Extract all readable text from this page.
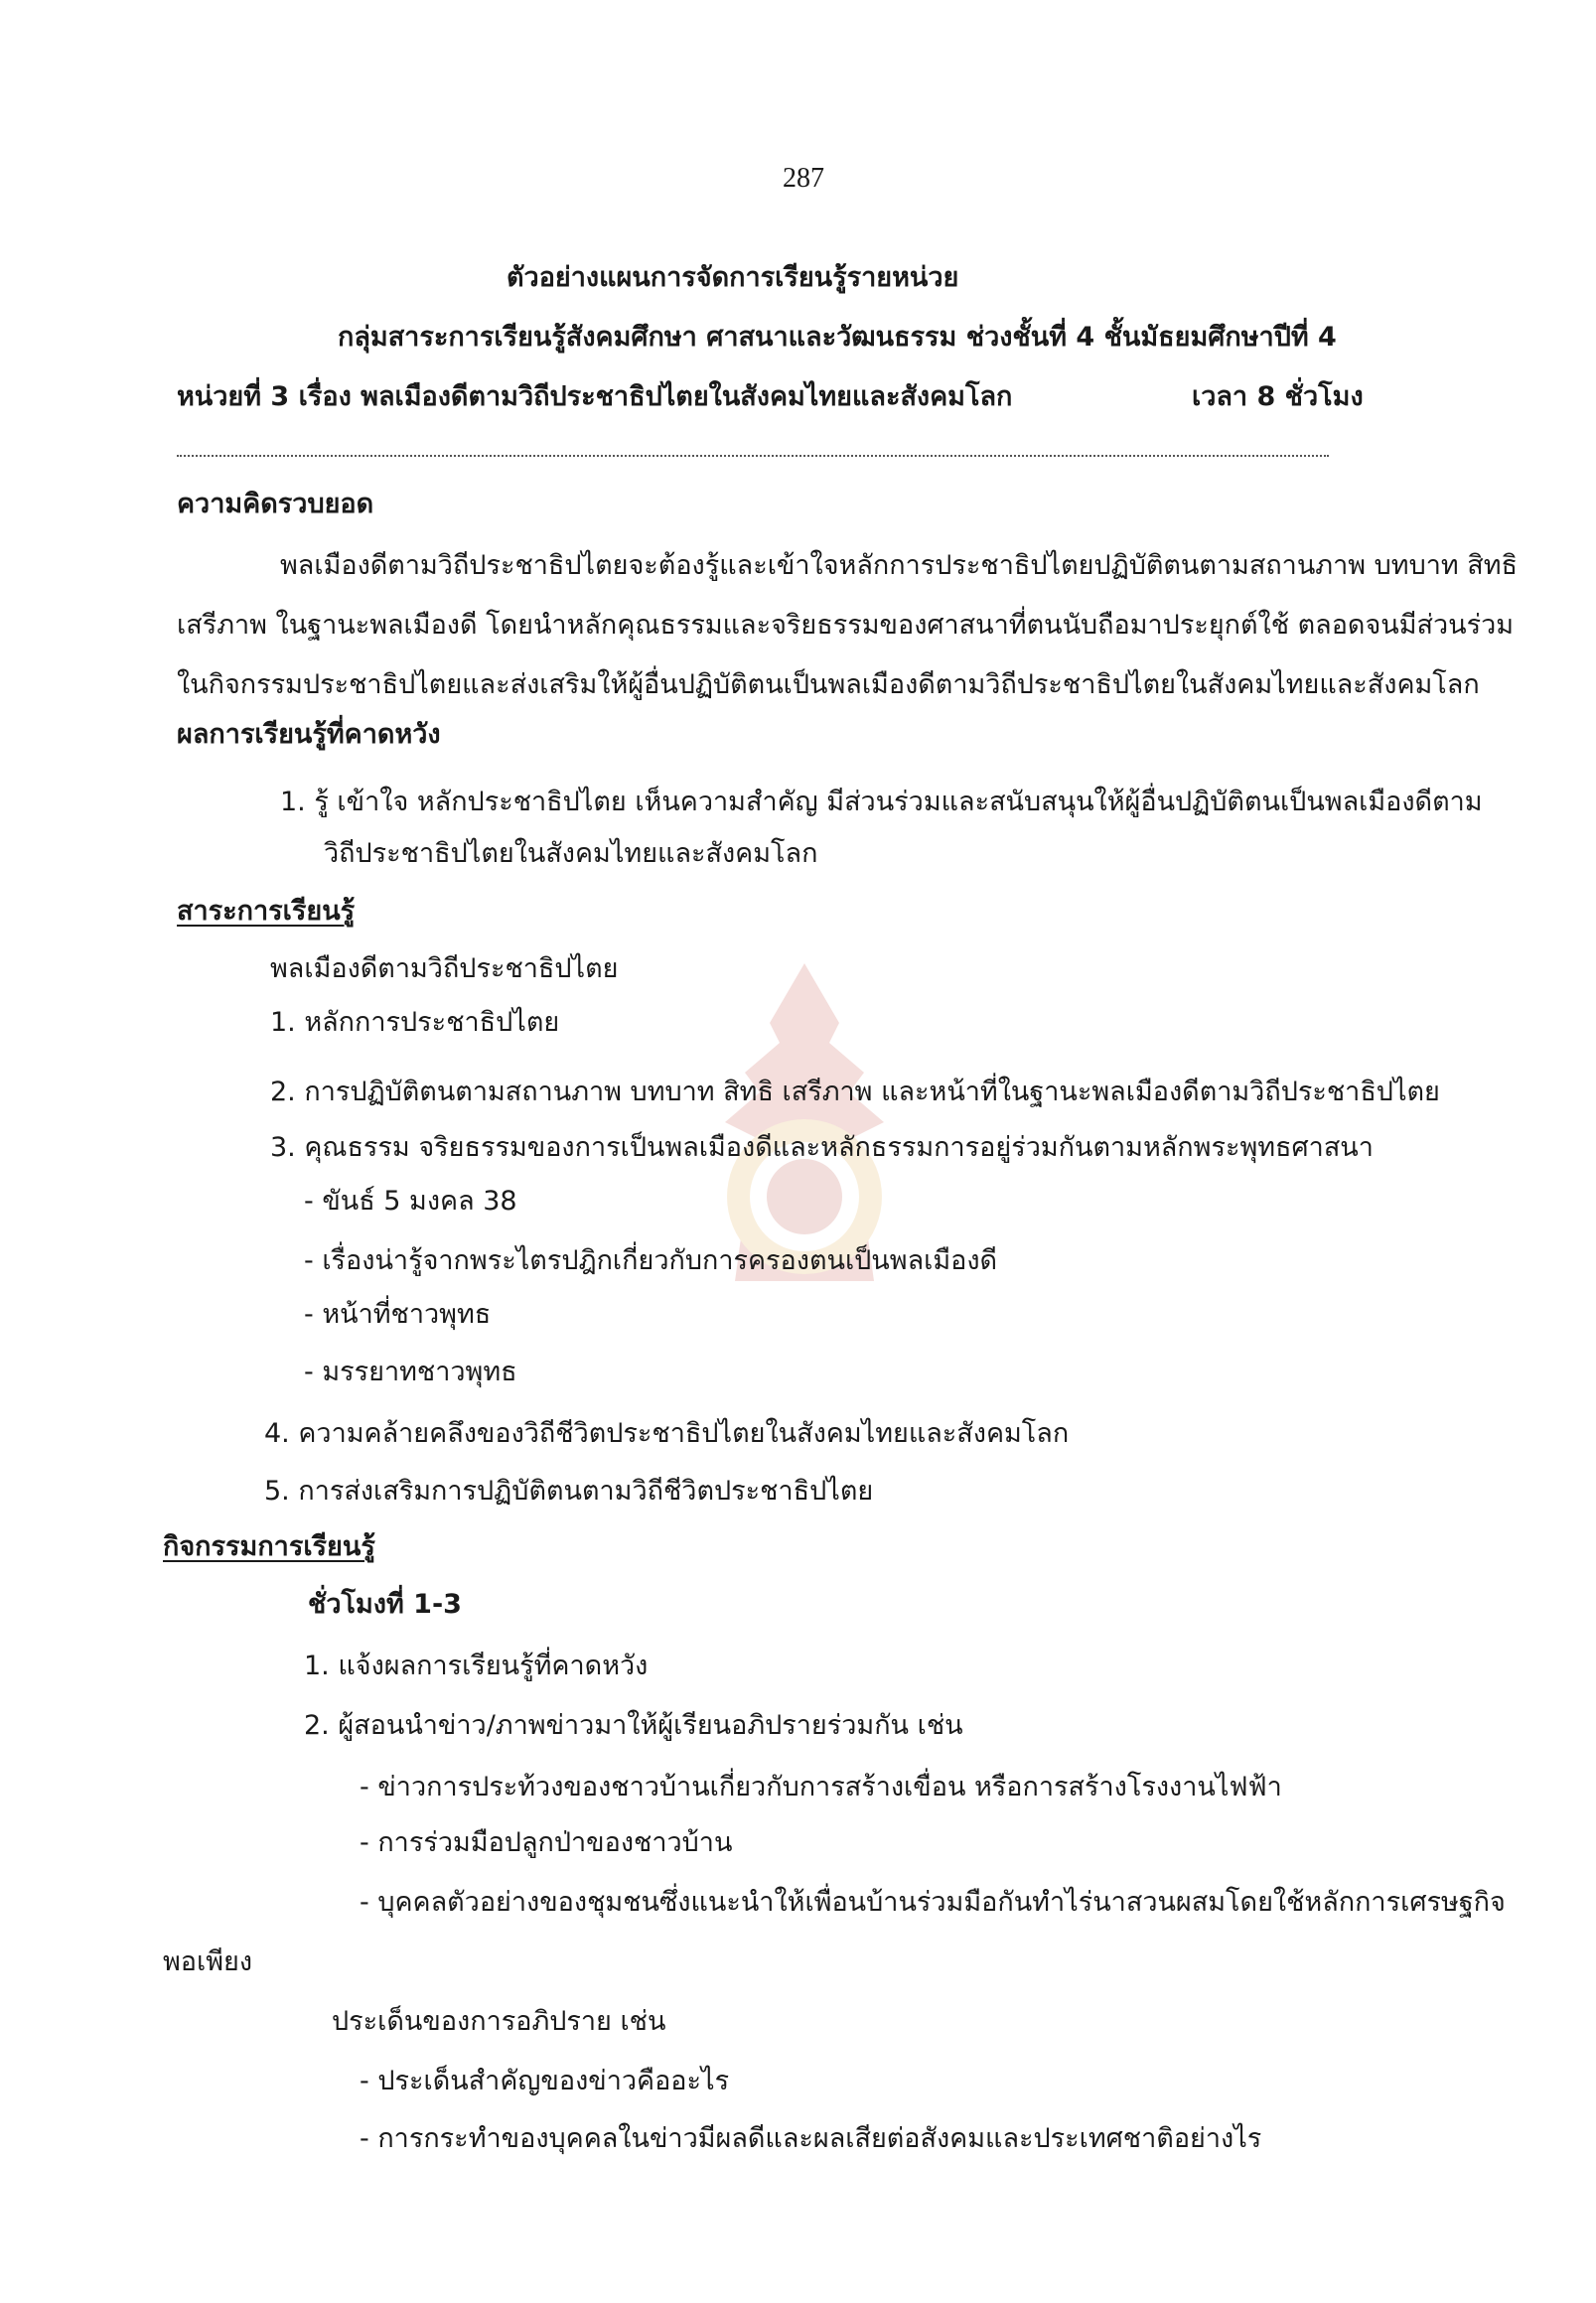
287
ตัวอย่างแผนการจัดการเรียนรู้รายหน่วย
กลุ่มสาระการเรียนรู้สังคมศึกษา ศาสนาและวัฒนธรรม ช่วงชั้นที่ 4 ชั้นมัธยมศึกษาปีที่ 4
หน่วยที่ 3 เรื่อง พลเมืองดีตามวิถีประชาธิปไตยในสังคมไทยและสังคมโลก	เวลา 8 ชั่วโมง
ความคิดรวบยอด
พลเมืองดีตามวิถีประชาธิปไตยจะต้องรู้และเข้าใจหลักการประชาธิปไตยปฏิบัติตนตามสถานภาพ บทบาท สิทธิ
เสรีภาพ ในฐานะพลเมืองดี โดยนำหลักคุณธรรมและจริยธรรมของศาสนาที่ตนนับถือมาประยุกต์ใช้ ตลอดจนมีส่วนร่วม
ในกิจกรรมประชาธิปไตยและส่งเสริมให้ผู้อื่นปฏิบัติตนเป็นพลเมืองดีตามวิถีประชาธิปไตยในสังคมไทยและสังคมโลก
ผลการเรียนรู้ที่คาดหวัง
1. รู้ เข้าใจ หลักประชาธิปไตย เห็นความสำคัญ มีส่วนร่วมและสนับสนุนให้ผู้อื่นปฏิบัติตนเป็นพลเมืองดีตาม
วิถีประชาธิปไตยในสังคมไทยและสังคมโลก
สาระการเรียนรู้
พลเมืองดีตามวิถีประชาธิปไตย
1. หลักการประชาธิปไตย
2. การปฏิบัติตนตามสถานภาพ บทบาท สิทธิ เสรีภาพ และหน้าที่ในฐานะพลเมืองดีตามวิถีประชาธิปไตย
3. คุณธรรม จริยธรรมของการเป็นพลเมืองดีและหลักธรรมการอยู่ร่วมกันตามหลักพระพุทธศาสนา
- ขันธ์ 5 มงคล 38
- เรื่องน่ารู้จากพระไตรปฎิกเกี่ยวกับการครองตนเป็นพลเมืองดี
- หน้าที่ชาวพุทธ
- มรรยาทชาวพุทธ
4. ความคล้ายคลึงของวิถีชีวิตประชาธิปไตยในสังคมไทยและสังคมโลก
5. การส่งเสริมการปฏิบัติตนตามวิถีชีวิตประชาธิปไตย
กิจกรรมการเรียนรู้
ชั่วโมงที่ 1-3
1. แจ้งผลการเรียนรู้ที่คาดหวัง
2. ผู้สอนนำข่าว/ภาพข่าวมาให้ผู้เรียนอภิปรายร่วมกัน เช่น
- ข่าวการประท้วงของชาวบ้านเกี่ยวกับการสร้างเขื่อน หรือการสร้างโรงงานไฟฟ้า
- การร่วมมือปลูกป่าของชาวบ้าน
- บุคคลตัวอย่างของชุมชนซึ่งแนะนำให้เพื่อนบ้านร่วมมือกันทำไร่นาสวนผสมโดยใช้หลักการเศรษฐกิจ
พอเพียง
ประเด็นของการอภิปราย เช่น
- ประเด็นสำคัญของข่าวคืออะไร
- การกระทำของบุคคลในข่าวมีผลดีและผลเสียต่อสังคมและประเทศชาติอย่างไร
